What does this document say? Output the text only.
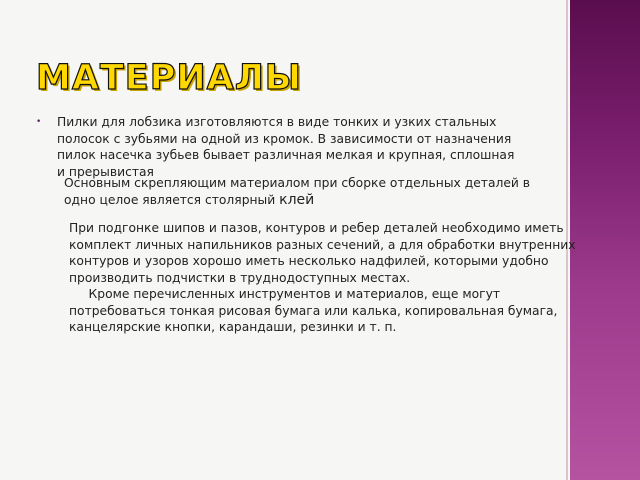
МАТЕРИАЛЫ
• Пилки для лобзика изготовляются в виде тонких и узких стальных
полосок с зубьями на одной из кромок. В зависимости от назначения
пилок насечка зубьев бывает различная мелкая и крупная, сплошная
и прерывистая
Основным скрепляющим материалом при сборке отдельных деталей в
одно целое является столярный клей
При подгонке шипов и пазов, контуров и ребер деталей необходимо иметь
комплект личных напильников разных сечений, а для обработки внутренних
контуров и узоров хорошо иметь несколько надфилей, которыми удобно
производить подчистки в труднодоступных местах.
Кроме перечисленных инструментов и материалов, еще могут
потребоваться тонкая рисовая бумага или калька, копировальная бумага,
канцелярские кнопки, карандаши, резинки и т. п.
